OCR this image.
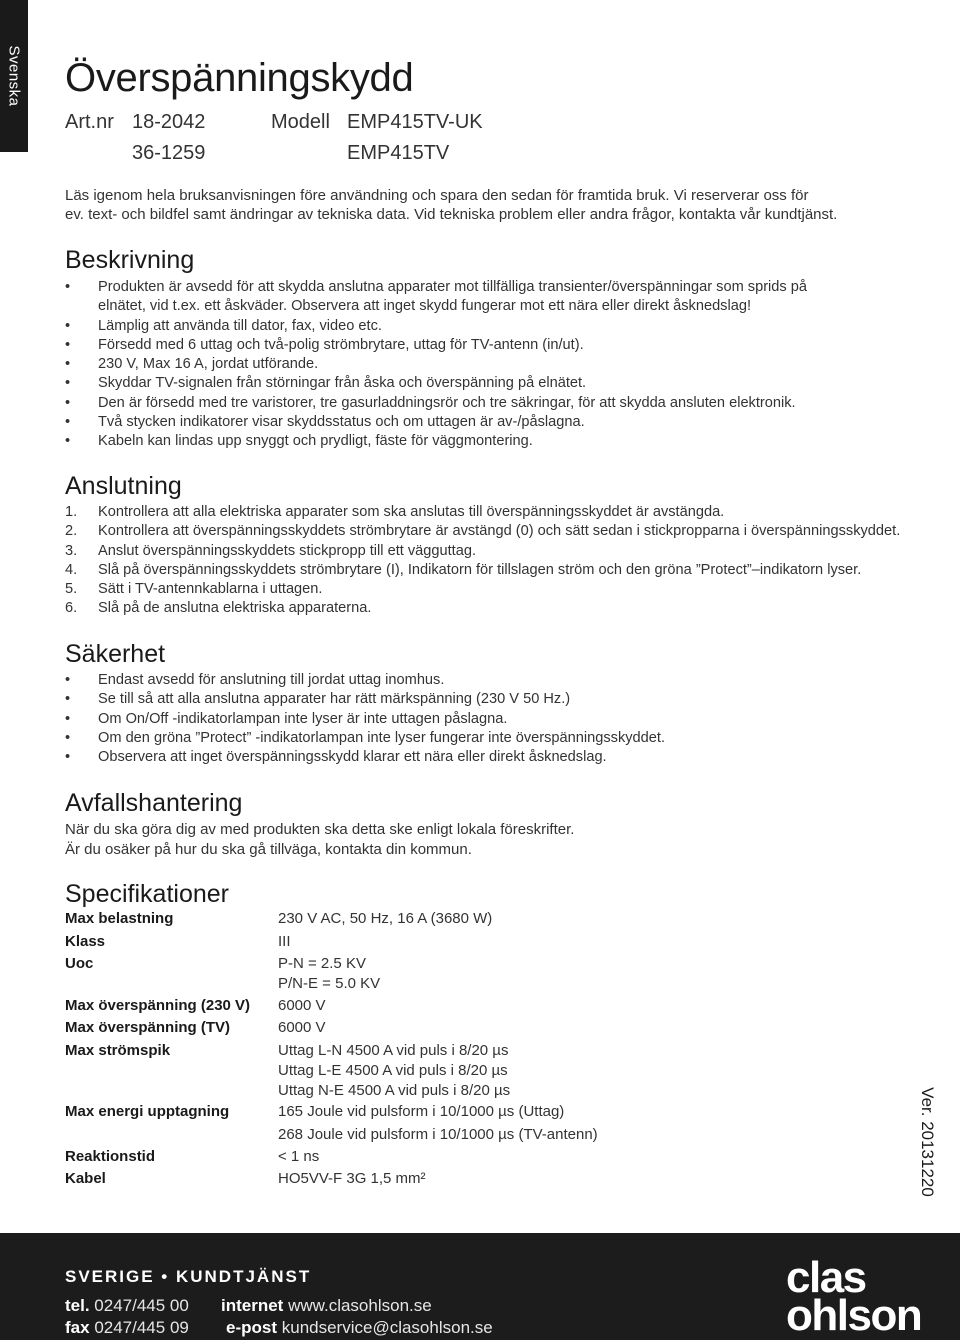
Svenska Överspänningskydd
Art.nr 18-2042
36-1259
Modell EMP415TV-UK
EMP415TV

Läs igenom hela bruksanvisningen före användning och spara den sedan för framtida bruk. Vi reserverar oss för

ev. text- och bildfel samt ändringar av tekniska data. Vid tekniska problem eller andra frågor, kontakta vår kundtjänst.

Beskrivning
• Produkten är avsedd för att skydda anslutna apparater mot tillfälliga transienter/överspänningar som sprids på elnätet, vid t.ex. ett åskväder. Observera att inget skydd fungerar mot ett nära eller direkt åsknedslag!
• Lämplig att använda till dator, fax, video etc.
• Försedd med 6 uttag och två-polig strömbrytare, uttag för TV-antenn (in/ut).
• 230 V, Max 16 A, jordat utförande.
• Skyddar TV-signalen från störningar från åska och överspänning på elnätet.
• Den är försedd med tre varistorer, tre gasurladdningsrör och tre säkringar, för att skydda ansluten elektronik.
• Två stycken indikatorer visar skyddsstatus och om uttagen är av-/påslagna.
• Kabeln kan lindas upp snyggt och prydligt, fäste för väggmontering.
Anslutning
1. Kontrollera att alla elektriska apparater som ska anslutas till överspänningsskyddet är avstängda.
2. Kontrollera att överspänningsskyddets strömbrytare är avstängd (0) och sätt sedan i stickpropparna i överspänningsskyddet.
3. Anslut överspänningsskyddets stickpropp till ett vägguttag.
4. Slå på överspänningsskyddets strömbrytare (I), Indikatorn för tillslagen ström och den gröna ”Protect”–indikatorn lyser.
5. Sätt i TV-antennkablarna i uttagen.
6. Slå på de anslutna elektriska apparaterna.
Säkerhet
• Endast avsedd för anslutning till jordat uttag inomhus.
• Se till så att alla anslutna apparater har rätt märkspänning (230 V 50 Hz.)
• Om On/Off -indikatorlampan inte lyser är inte uttagen påslagna.
• Om den gröna ”Protect” -indikatorlampan inte lyser fungerar inte överspänningsskyddet.
• Observera att inget överspänningsskydd klarar ett nära eller direkt åsknedslag.
Avfallshantering

När du ska göra dig av med produkten ska detta ske enligt lokala föreskrifter.

Är du osäker på hur du ska gå tillväga, kontakta din kommun.

Specifikationer
Max belastning	230 V AC, 50 Hz, 16 A (3680 W)
Klass	III
Uoc	P-N = 2.5 KV
P/N-E = 5.0 KV
Max överspänning (230 V) 6000 V
Max överspänning (TV)	6000 V
Max strömspik	Uttag L-N 4500 A vid puls i 8/20 µs
Uttag L-E 4500 A vid puls i 8/20 µs
Uttag N-E 4500 A vid puls i 8/20 µs
Max energi upptagning	165 Joule vid pulsform i 10/1000 µs (Uttag)
268 Joule vid pulsform i 10/1000 µs (TV-antenn)
Reaktionstid	< 1 ns
Kabel	HO5VV-F 3G 1,5 mm²	Ver. 20131220
SVERIGE • KUNDTJÄNST
tel. 0247/445 00 internet www.clasohlson.se
fax 0247/445 09 e-post kundservice@clasohlson.se
clas
ohlson
